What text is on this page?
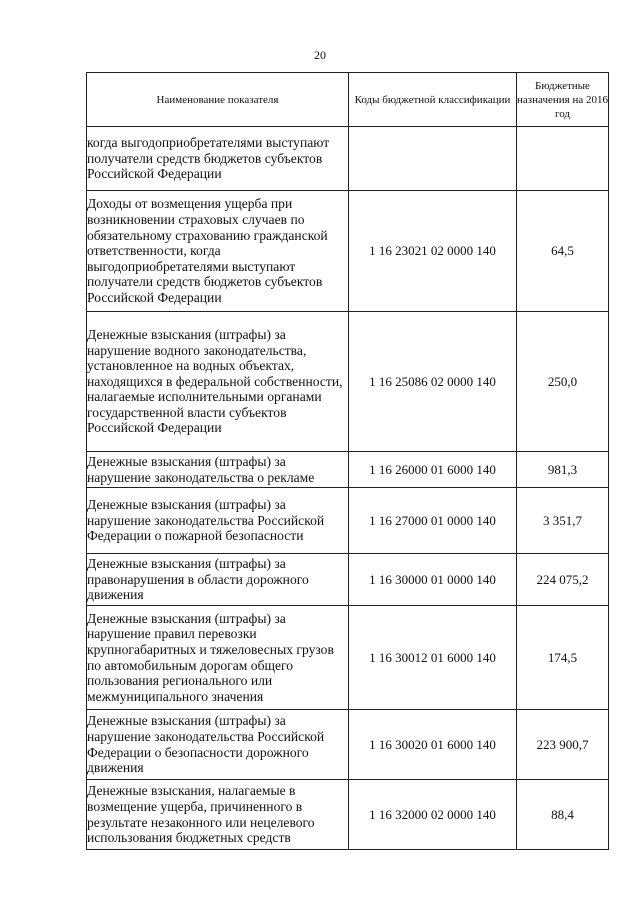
20
Наименование показателя	Коды бюджетной классификации	Бюджетные назначения на 2016 год
когда выгодоприобретателями выступают получатели средств бюджетов субъектов Российской Федерации		
Доходы от возмещения ущерба при возникновении страховых случаев по обязательному страхованию гражданской ответственности, когда выгодоприобретателями выступают получатели средств бюджетов субъектов Российской Федерации	1 16 23021 02 0000 140	64,5
Денежные взыскания (штрафы) за нарушение водного законодательства, установленное на водных объектах, находящихся в федеральной собственности, налагаемые исполнительными органами государственной власти субъектов Российской Федерации	1 16 25086 02 0000 140	250,0
Денежные взыскания (штрафы) за нарушение законодательства о рекламе	1 16 26000 01 6000 140	981,3
Денежные взыскания (штрафы) за нарушение законодательства Российской Федерации о пожарной безопасности	1 16 27000 01 0000 140	3 351,7
Денежные взыскания (штрафы) за правонарушения в области дорожного движения	1 16 30000 01 0000 140	224 075,2
Денежные взыскания (штрафы) за нарушение правил перевозки крупногабаритных и тяжеловесных грузов по автомобильным дорогам общего пользования регионального или межмуниципального значения	1 16 30012 01 6000 140	174,5
Денежные взыскания (штрафы) за нарушение законодательства Российской Федерации о безопасности дорожного движения	1 16 30020 01 6000 140	223 900,7
Денежные взыскания, налагаемые в возмещение ущерба, причиненного в результате незаконного или нецелевого использования бюджетных средств	1 16 32000 02 0000 140	88,4
